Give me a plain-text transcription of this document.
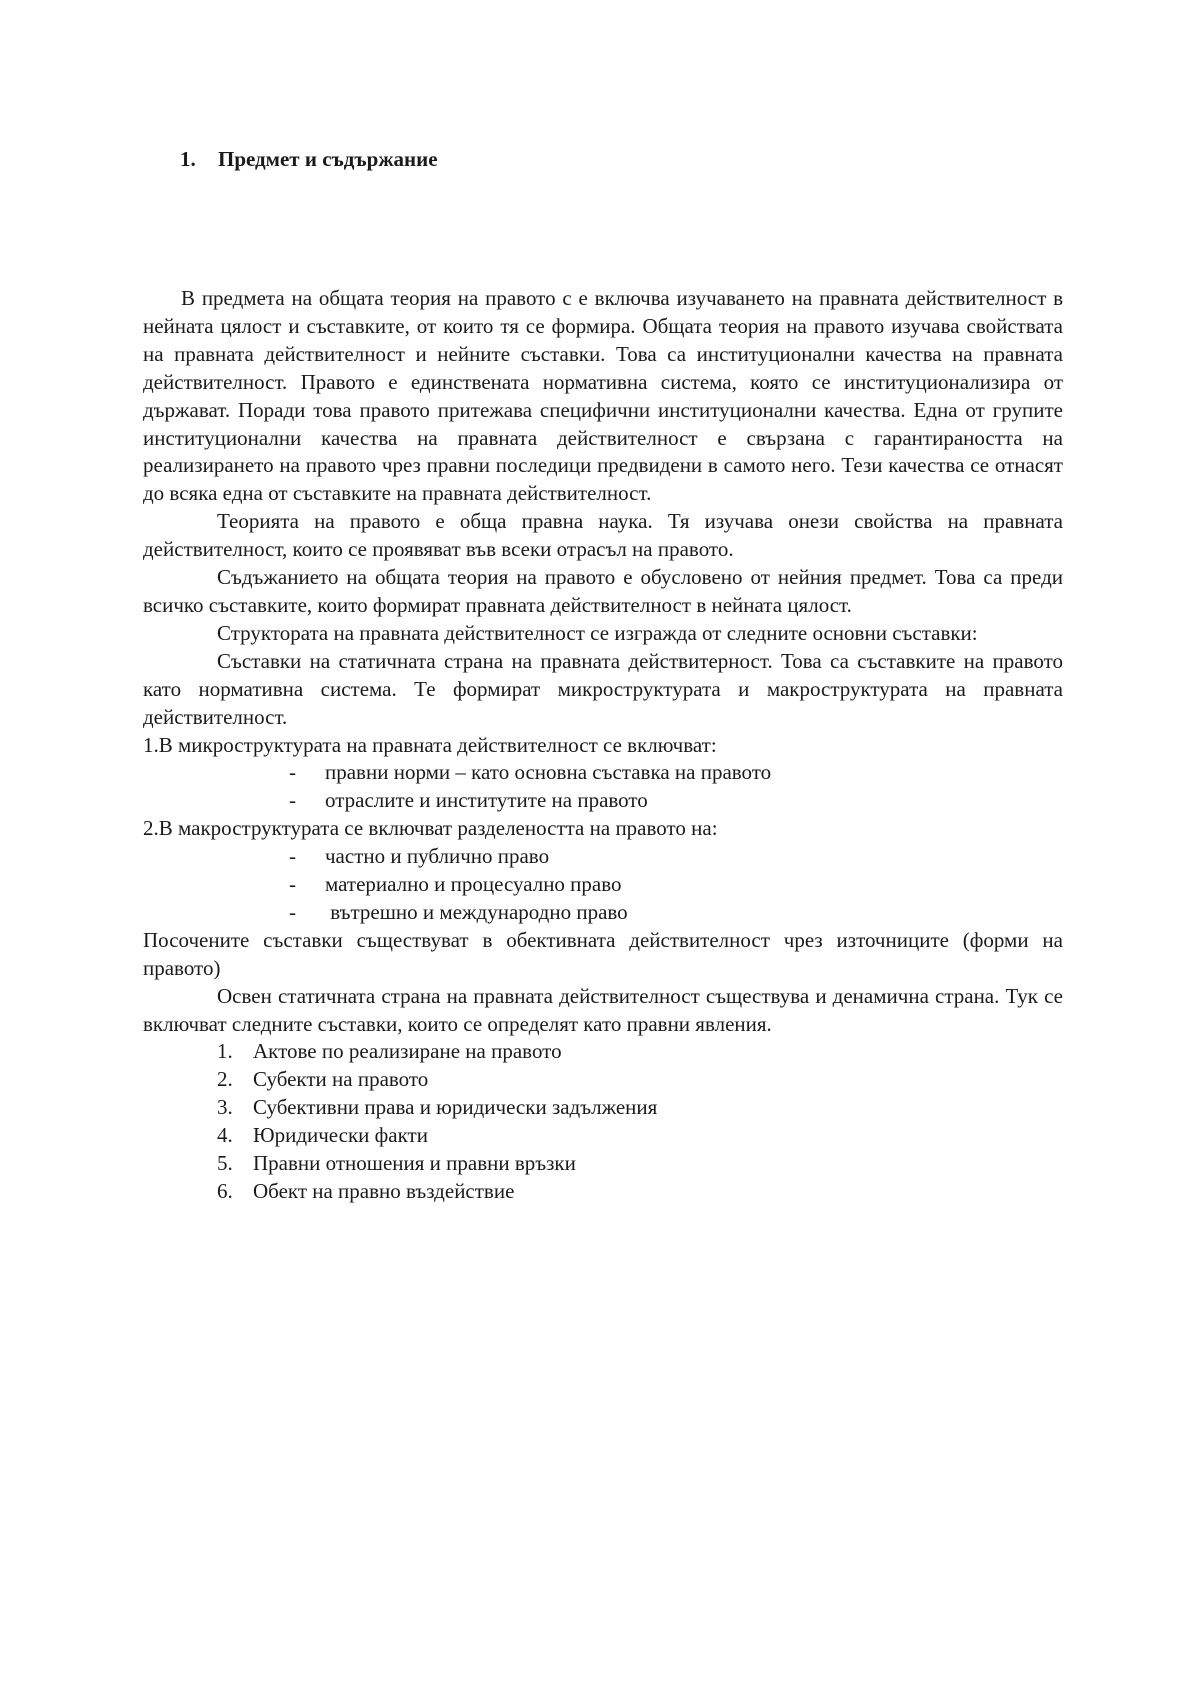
1. Предмет и съдържание

В предмета на общата теория на правото с е включва изучаването на правната действителност в нейната цялост и съставките, от които тя се формира. Общата теория на правото изучава свойствата на правната действителност и нейните съставки. Това са институционални качества на правната действителност. Правото е единствената нормативна система, която се институционализира от държават. Поради това правото притежава специфични институционални качества. Една от групите институционални качества на правната действителност е свързана с гарантираността на реализирането на правото чрез правни последици предвидени в самото него. Тези качества се отнасят до всяка една от съставките на правната действителност.

Теорията на правото е обща правна наука. Тя изучава онези свойства на правната действителност, които се проявяват във всеки отрасъл на правото.

Съдъжанието на общата теория на правото е обусловено от нейния предмет. Това са преди всичко съставките, които формират правната действителност в нейната цялост.

Структората на правната действителност се изгражда от следните основни съставки:

Съставки на статичната страна на правната действитерност. Това са съставките на правото като нормативна система. Те формират микроструктурата и макроструктурата на правната действителност.

1.В микроструктурата на правната действителност се включват:

-	правни норми – като основна съставка на правото
-	отраслите и институтите на правото

2.В макроструктурата се включват разделеността на правото на:

-	частно и публично право
-	материално и процесуално право
-	вътрешно и международно право

Посочените съставки съществуват в обективната действителност чрез източниците (форми на правото)

Освен статичната страна на правната действителност съществува и денамична страна. Тук се включват следните съставки, които се определят като правни явления.

1. Актове по реализиране на правото
2. Субекти на правото
3. Субективни права и юридически задължения
4. Юридически факти
5. Правни отношения и правни връзки
6. Обект на правно въздействие
